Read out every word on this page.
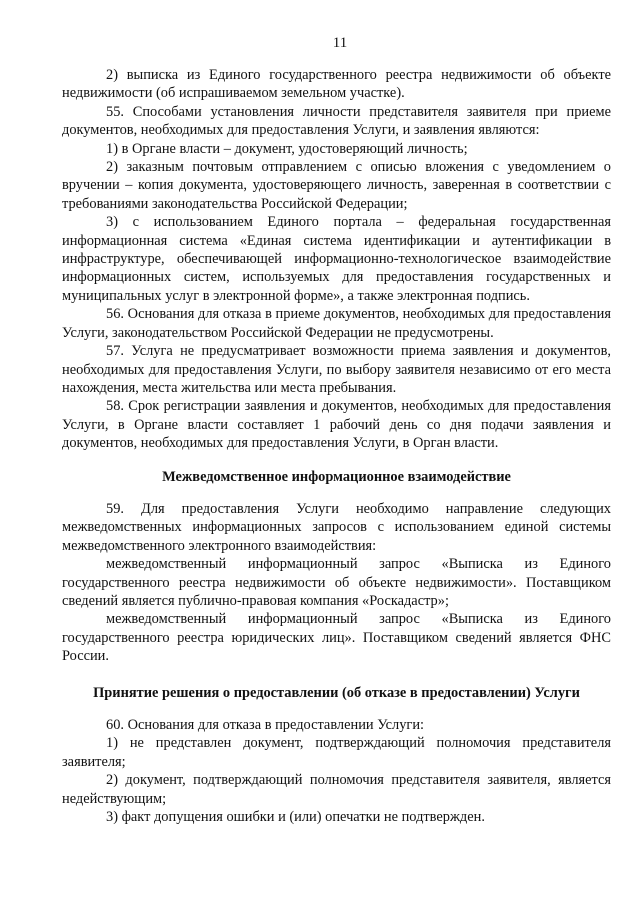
11

2) выписка из Единого государственного реестра недвижимости об объекте недвижимости (об испрашиваемом земельном участке).

55. Способами установления личности представителя заявителя при приеме документов, необходимых для предоставления Услуги, и заявления являются:

1) в Органе власти – документ, удостоверяющий личность;

2) заказным почтовым отправлением с описью вложения с уведомлением о вручении – копия документа, удостоверяющего личность, заверенная в соответствии с требованиями законодательства Российской Федерации;

3) с использованием Единого портала – федеральная государственная информационная система «Единая система идентификации и аутентификации в инфраструктуре, обеспечивающей информационно-технологическое взаимодействие информационных систем, используемых для предоставления государственных и муниципальных услуг в электронной форме», а также электронная подпись.

56. Основания для отказа в приеме документов, необходимых для предоставления Услуги, законодательством Российской Федерации не предусмотрены.

57. Услуга не предусматривает возможности приема заявления и документов, необходимых для предоставления Услуги, по выбору заявителя независимо от его места нахождения, места жительства или места пребывания.

58. Срок регистрации заявления и документов, необходимых для предоставления Услуги, в Органе власти составляет 1 рабочий день со дня подачи заявления и документов, необходимых для предоставления Услуги, в Орган власти.

Межведомственное информационное взаимодействие

59. Для предоставления Услуги необходимо направление следующих межведомственных информационных запросов с использованием единой системы межведомственного электронного взаимодействия:

межведомственный информационный запрос «Выписка из Единого государственного реестра недвижимости об объекте недвижимости». Поставщиком сведений является публично-правовая компания «Роскадастр»;

межведомственный информационный запрос «Выписка из Единого государственного реестра юридических лиц». Поставщиком сведений является ФНС России.

Принятие решения о предоставлении (об отказе в предоставлении) Услуги

60. Основания для отказа в предоставлении Услуги:

1) не представлен документ, подтверждающий полномочия представителя заявителя;

2) документ, подтверждающий полномочия представителя заявителя, является недействующим;

3) факт допущения ошибки и (или) опечатки не подтвержден.
